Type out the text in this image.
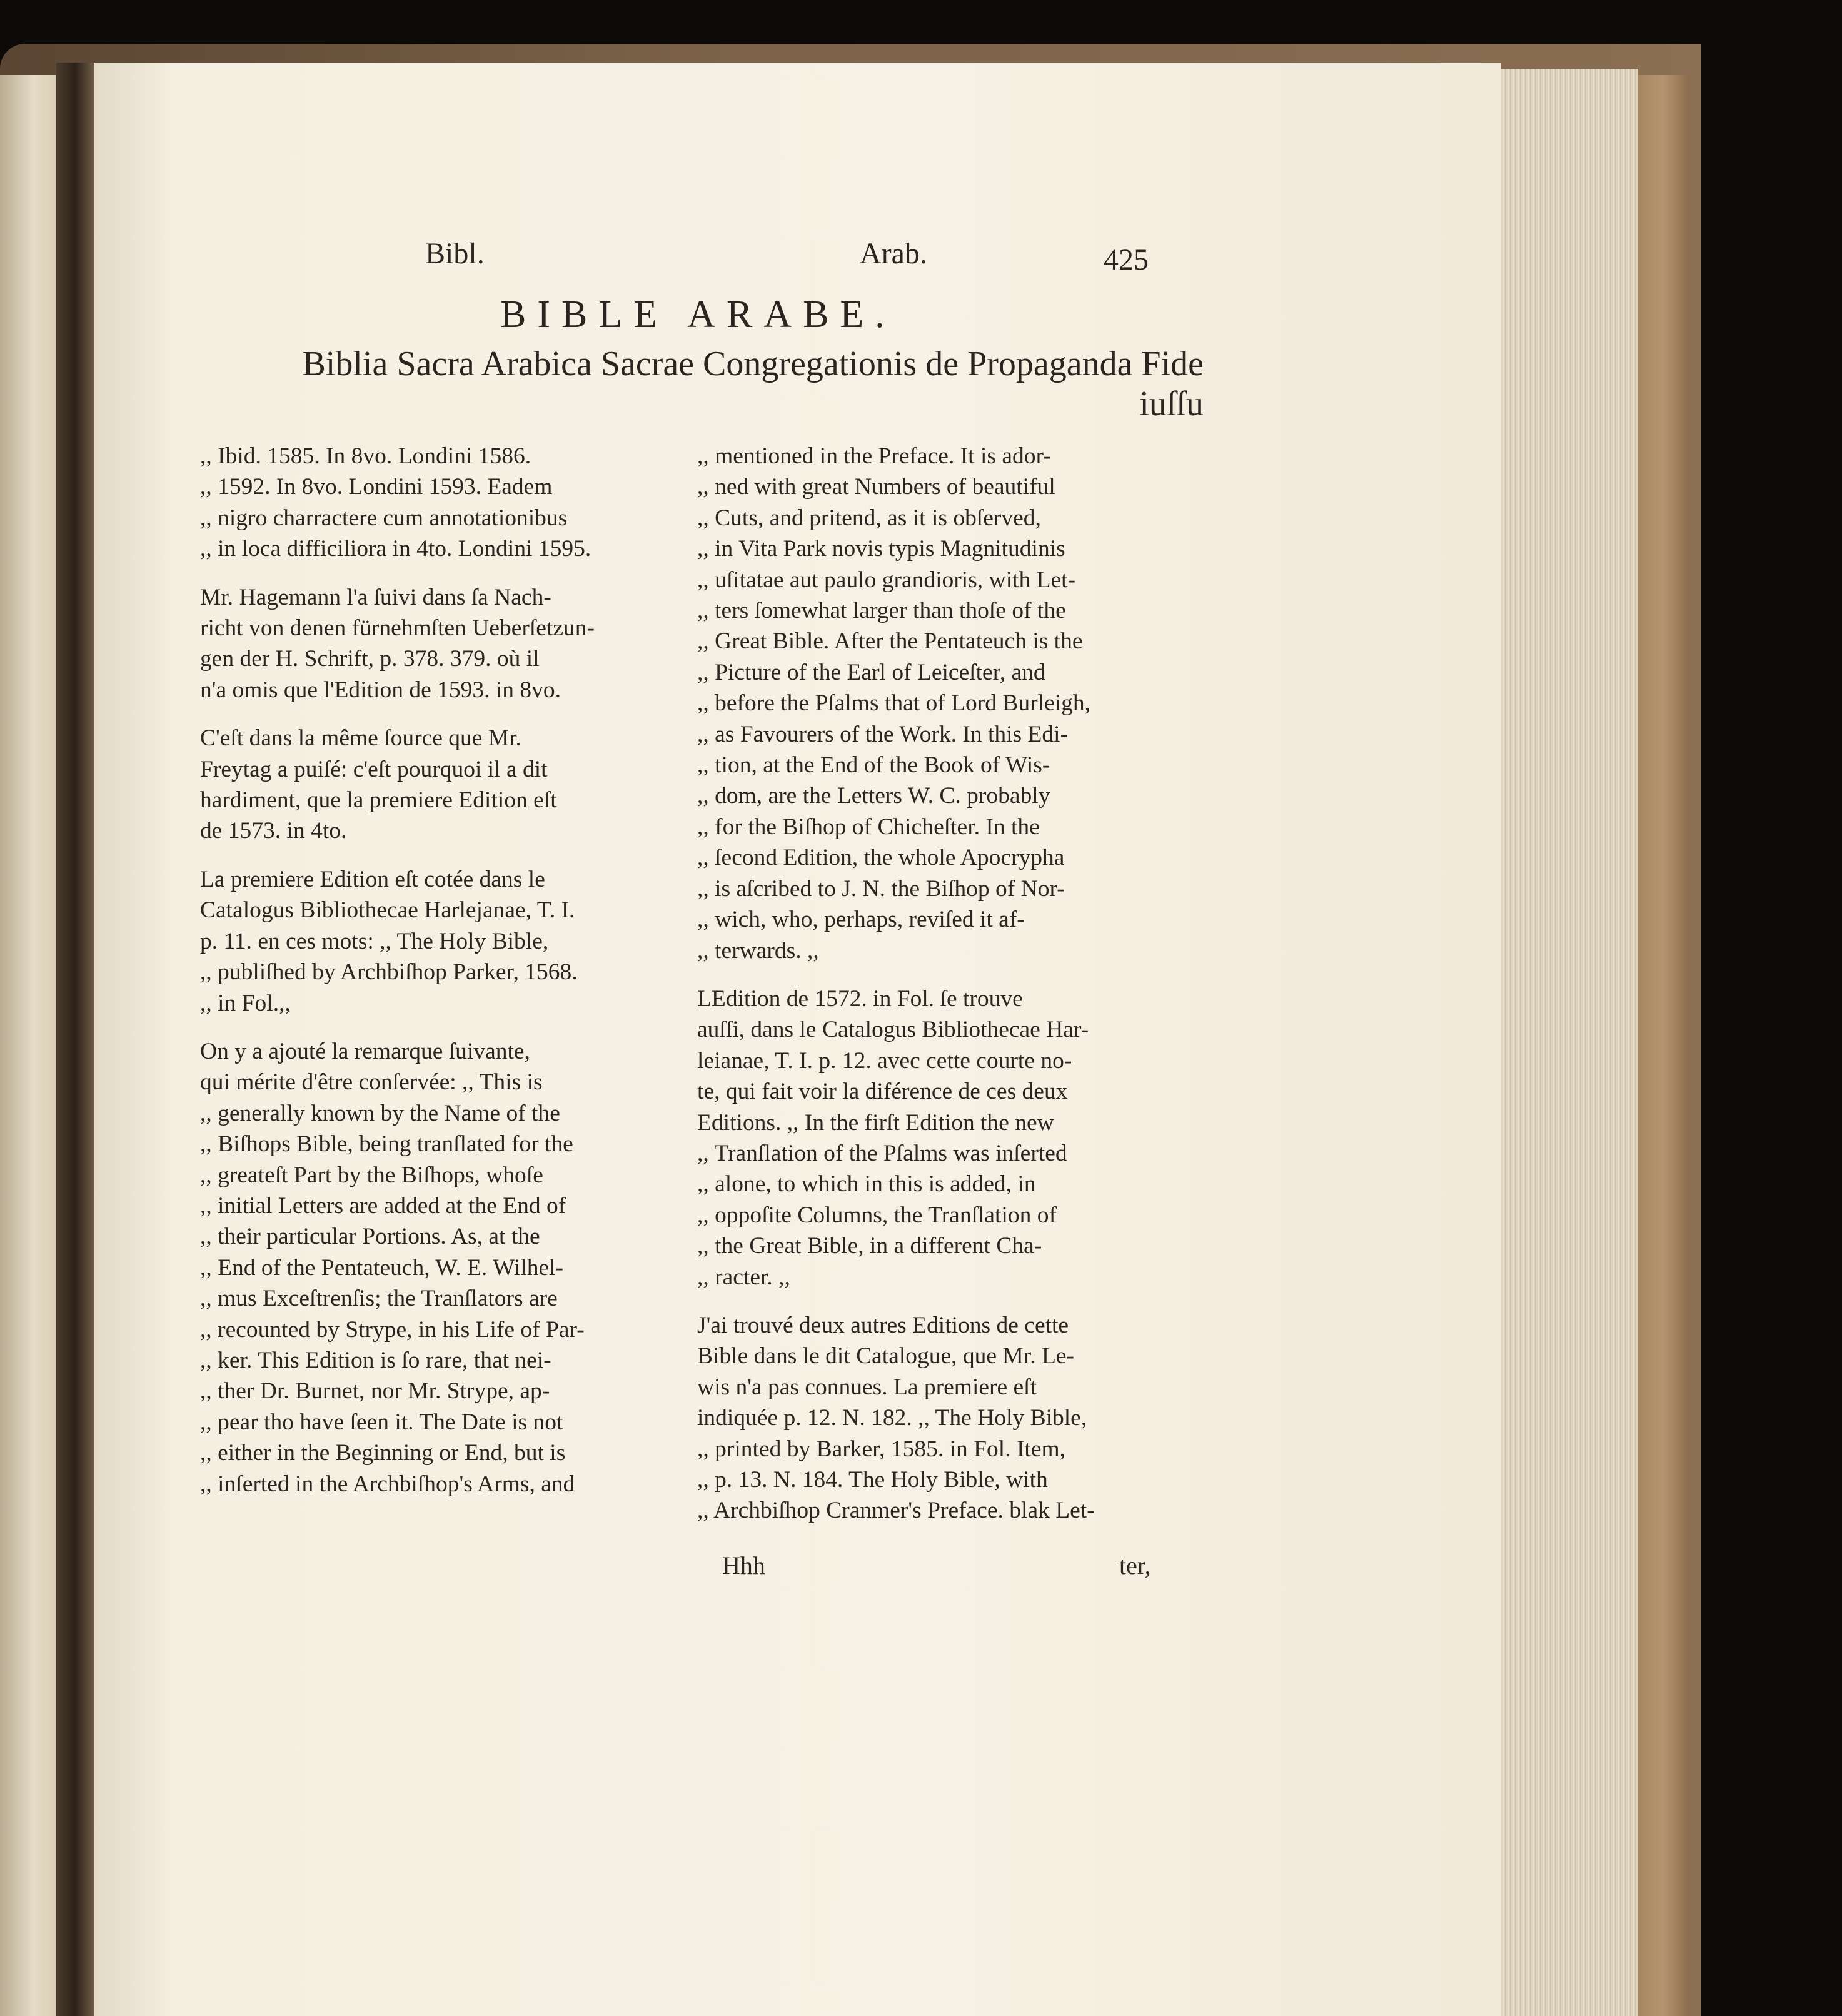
Bibl.	Arab.	425
BIBLE ARABE.
Biblia Sacra Arabica Sacrae Congregationis de Propaganda Fide
iuſſu
,, Ibid. 1585. In 8vo. Londini 1586.
,, 1592. In 8vo. Londini 1593. Eadem
,, nigro charractere cum annotationibus
,, in loca difficiliora in 4to. Londini 1595.
Mr. Hagemann l'a ſuivi dans ſa Nach-
richt von denen fürnehmſten Ueberſetzun-
gen der H. Schrift, p. 378. 379. où il
n'a omis que l'Edition de 1593. in 8vo.
C'eſt dans la même ſource que Mr.
Freytag a puiſé: c'eſt pourquoi il a dit
hardiment, que la premiere Edition eſt
de 1573. in 4to.
La premiere Edition eſt cotée dans le
Catalogus Bibliothecae Harlejanae, T. I.
p. 11. en ces mots: ,, The Holy Bible,
,, publiſhed by Archbiſhop Parker, 1568.
,, in Fol.,,
On y a ajouté la remarque ſuivante,
qui mérite d'être conſervée: ,, This is
,, generally known by the Name of the
,, Biſhops Bible, being tranſlated for the
,, greateſt Part by the Biſhops, whoſe
,, initial Letters are added at the End of
,, their particular Portions. As, at the
,, End of the Pentateuch, W. E. Wilhel-
,, mus Exceſtrenſis; the Tranſlators are
,, recounted by Strype, in his Life of Par-
,, ker. This Edition is ſo rare, that nei-
,, ther Dr. Burnet, nor Mr. Strype, ap-
,, pear tho have ſeen it. The Date is not
,, either in the Beginning or End, but is
,, inſerted in the Archbiſhop's Arms, and
,, mentioned in the Preface. It is ador-
,, ned with great Numbers of beautiful
,, Cuts, and pritend, as it is obſerved,
,, in Vita Park novis typis Magnitudinis
,, uſitatae aut paulo grandioris, with Let-
,, ters ſomewhat larger than thoſe of the
,, Great Bible. After the Pentateuch is the
,, Picture of the Earl of Leiceſter, and
,, before the Pſalms that of Lord Burleigh,
,, as Favourers of the Work. In this Edi-
,, tion, at the End of the Book of Wis-
,, dom, are the Letters W. C. probably
,, for the Biſhop of Chicheſter. In the
,, ſecond Edition, the whole Apocrypha
,, is aſcribed to J. N. the Biſhop of Nor-
,, wich, who, perhaps, reviſed it af-
,, terwards. ,,
LEdition de 1572. in Fol. ſe trouve
auſſi, dans le Catalogus Bibliothecae Har-
leianae, T. I. p. 12. avec cette courte no-
te, qui fait voir la diférence de ces deux
Editions. ,, In the firſt Edition the new
,, Tranſlation of the Pſalms was inſerted
,, alone, to which in this is added, in
,, oppoſite Columns, the Tranſlation of
,, the Great Bible, in a different Cha-
,, racter. ,,
J'ai trouvé deux autres Editions de cette
Bible dans le dit Catalogue, que Mr. Le-
wis n'a pas connues. La premiere eſt
indiquée p. 12. N. 182. ,, The Holy Bible,
,, printed by Barker, 1585. in Fol. Item,
,, p. 13. N. 184. The Holy Bible, with
,, Archbiſhop Cranmer's Preface. blak Let-
Hhh	ter,
